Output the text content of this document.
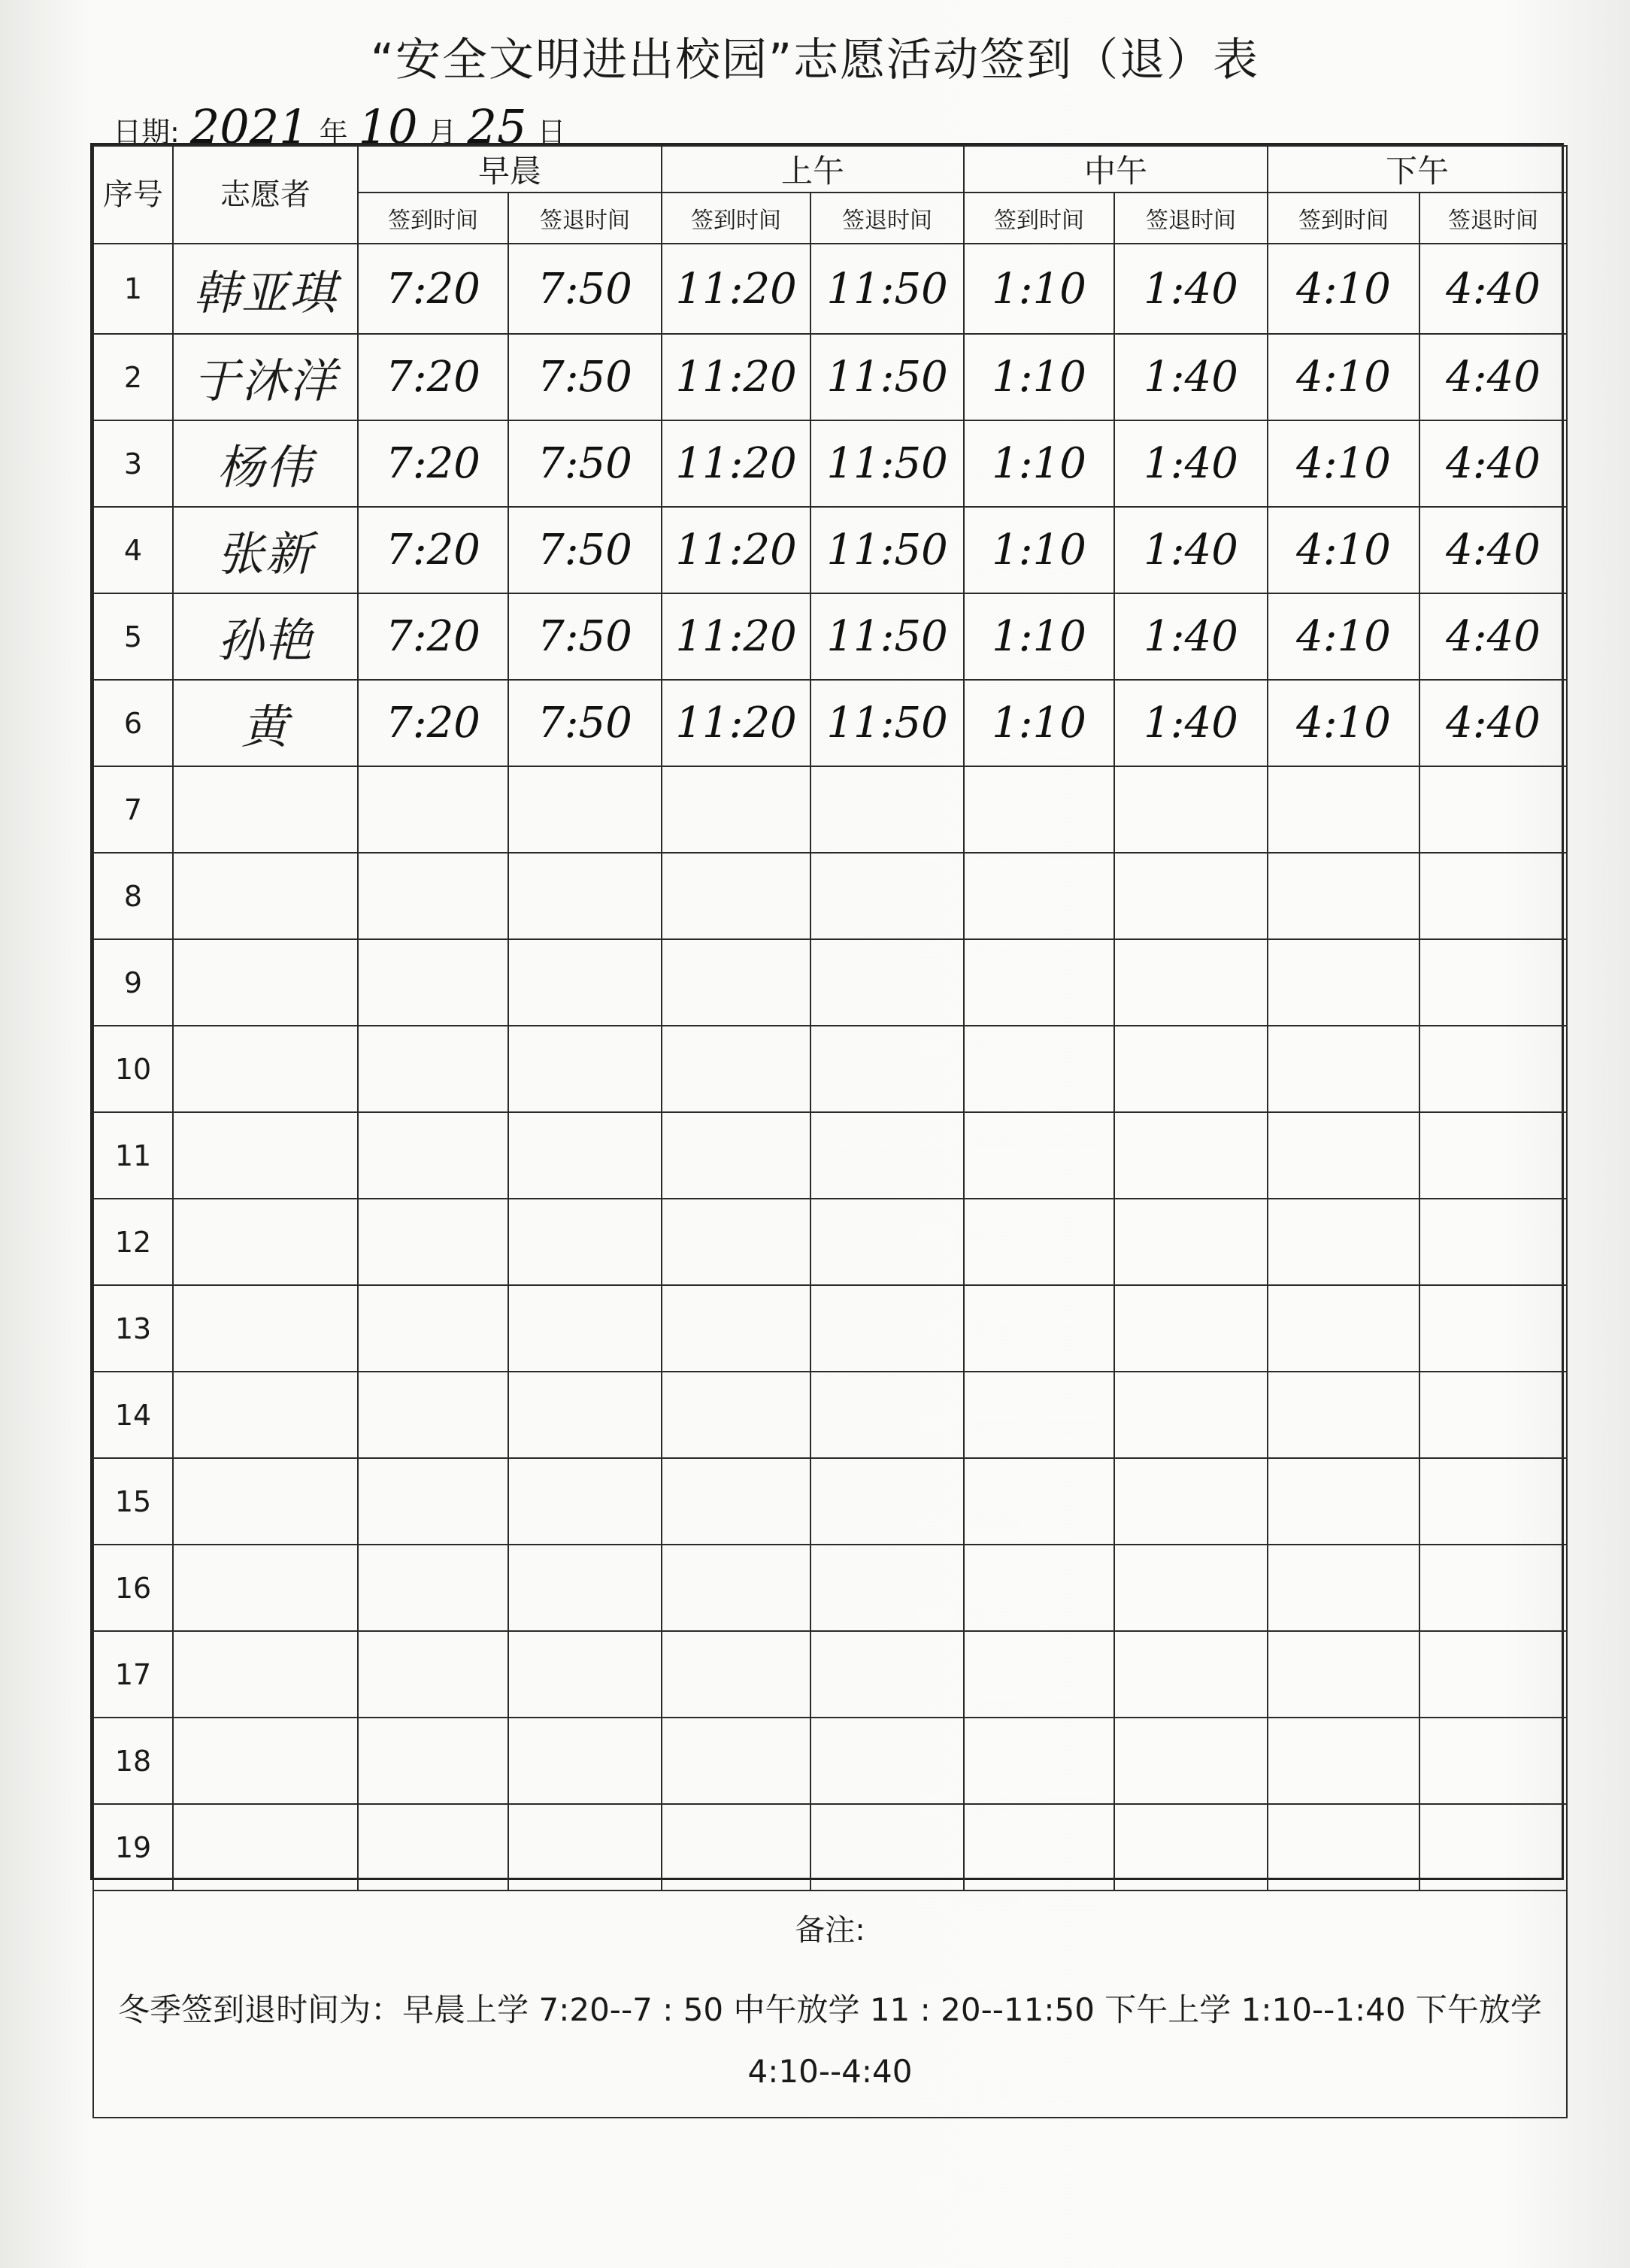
“安全文明进出校园”志愿活动签到（退）表
日期: 2021 年 10 月 25 日
序号	志愿者	早晨		上午		中午		下午	
		签到时间	签退时间	签到时间	签退时间	签到时间	签退时间	签到时间	签退时间
1	韩亚琪	7:20	7:50	11:20	11:50	1:10	1:40	4:10	4:40
2	于沐洋	7:20	7:50	11:20	11:50	1:10	1:40	4:10	4:40
3	杨伟	7:20	7:50	11:20	11:50	1:10	1:40	4:10	4:40
4	张新	7:20	7:50	11:20	11:50	1:10	1:40	4:10	4:40
5	孙艳	7:20	7:50	11:20	11:50	1:10	1:40	4:10	4:40
6	黄	7:20	7:50	11:20	11:50	1:10	1:40	4:10	4:40
7									
8									
9									
10									
11									
12									
13									
14									
15									
16									
17									
18									
19									

备注:
冬季签到退时间为：早晨上学 7:20--7 : 50 中午放学 11 : 20--11:50 下午上学 1:10--1:40 下午放学 4:10--4:40									
